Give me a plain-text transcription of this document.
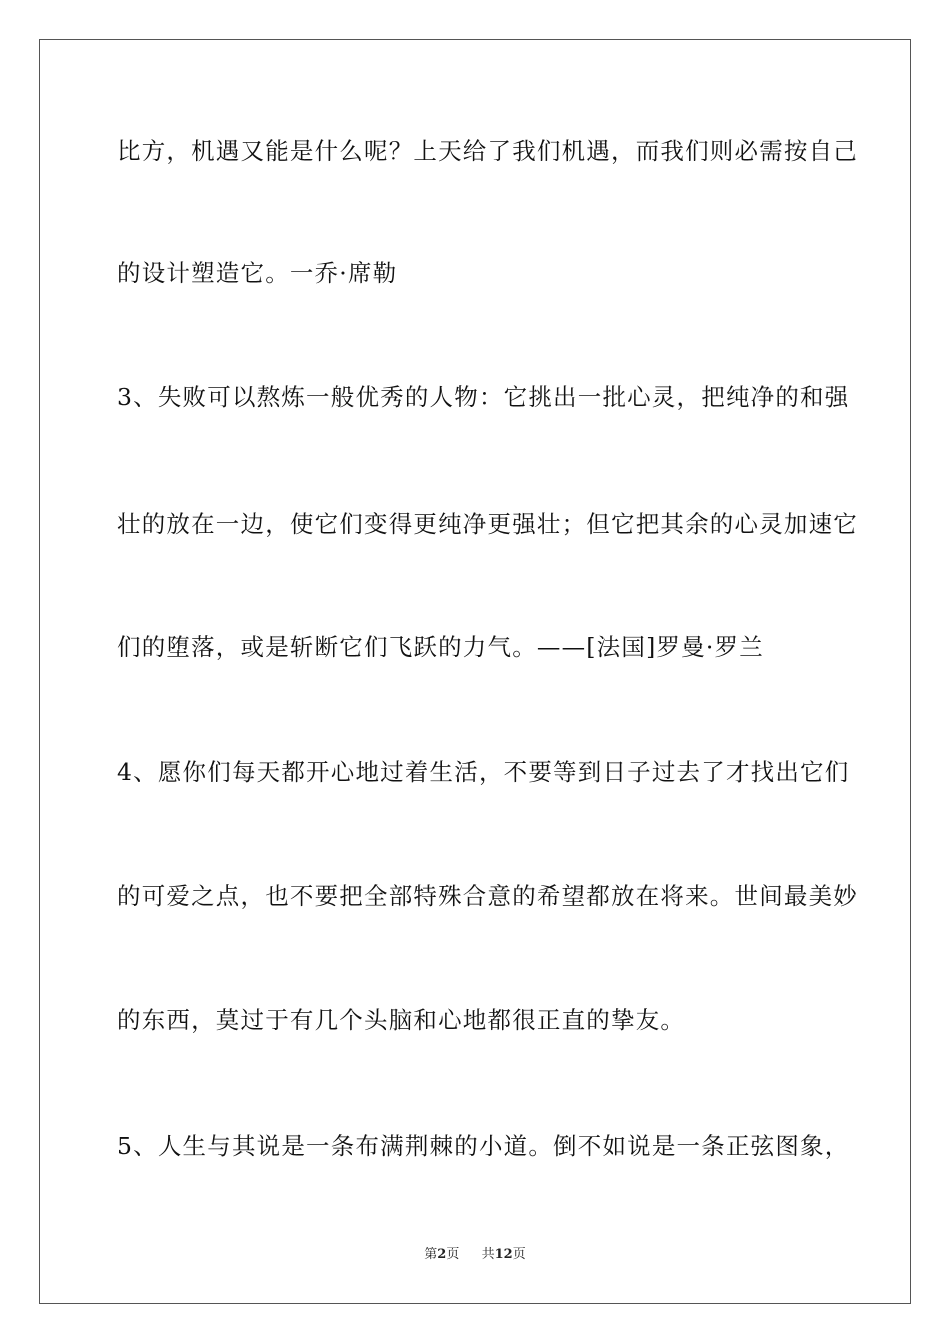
比方，机遇又能是什么呢？上天给了我们机遇，而我们则必需按自己
的设计塑造它。一乔·席勒
3、失败可以熬炼一般优秀的人物：它挑出一批心灵，把纯净的和强
壮的放在一边，使它们变得更纯净更强壮；但它把其余的心灵加速它
们的堕落，或是斩断它们飞跃的力气。——[法国]罗曼·罗兰
4、愿你们每天都开心地过着生活，不要等到日子过去了才找出它们
的可爱之点，也不要把全部特殊合意的希望都放在将来。世间最美妙
的东西，莫过于有几个头脑和心地都很正直的挚友。
5、人生与其说是一条布满荆棘的小道。倒不如说是一条正弦图象，
第2页 共12页
